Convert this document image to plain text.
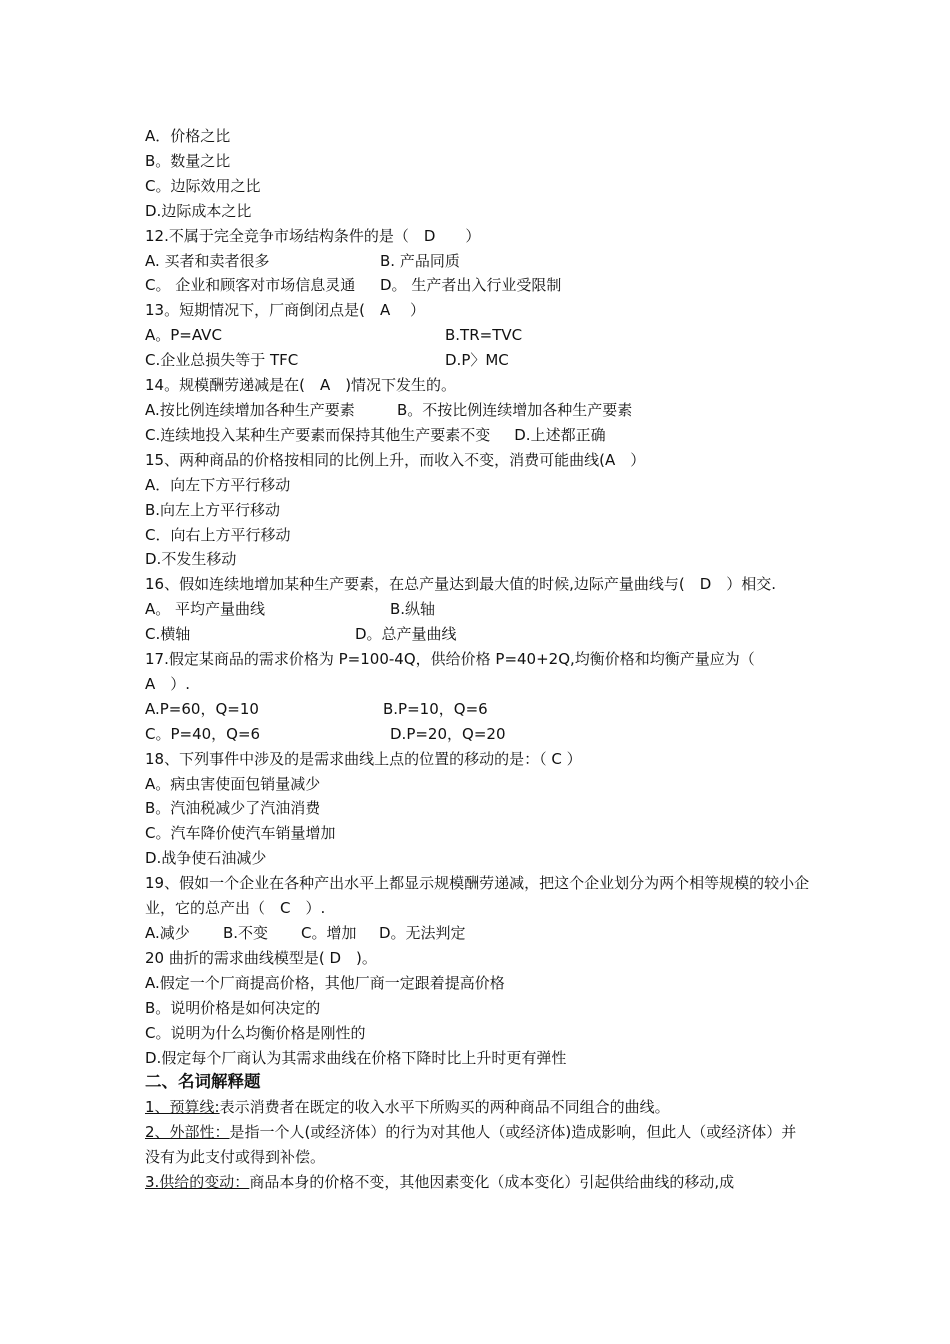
A．价格之比
B。数量之比
C。边际效用之比
D.边际成本之比
12.不属于完全竞争市场结构条件的是（　D　　）
A. 买者和卖者很多	B. 产品同质
C。 企业和顾客对市场信息灵通 D。 生产者出入行业受限制
13。短期情况下，厂商倒闭点是(　A　 ）
A。P=AVC	B.TR=TVC
C.企业总损失等于 TFC	D.P〉MC
14。规模酬劳递减是在(　A　)情况下发生的。
A.按比例连续增加各种生产要素	B。不按比例连续增加各种生产要素
C.连续地投入某种生产要素而保持其他生产要素不变 D.上述都正确
15、两种商品的价格按相同的比例上升，而收入不变，消费可能曲线(A　）
A．向左下方平行移动
B.向左上方平行移动
C．向右上方平行移动
D.不发生移动
16、假如连续地增加某种生产要素，在总产量达到最大值的时候,边际产量曲线与(　D　）相交.
A。 平均产量曲线	B.纵轴
C.横轴	D。总产量曲线
17.假定某商品的需求价格为 P=100-4Q，供给价格 P=40+2Q,均衡价格和均衡产量应为（　A　）.
A.P=60，Q=10	B.P=10，Q=6
C。P=40，Q=6	D.P=20，Q=20
18、下列事件中涉及的是需求曲线上点的位置的移动的是：（ C ）
A。病虫害使面包销量减少
B。汽油税减少了汽油消费
C。汽车降价使汽车销量增加
D.战争使石油减少
19、假如一个企业在各种产出水平上都显示规模酬劳递减，把这个企业划分为两个相等规模的较小企业，它的总产出（　C　）.
A.减少 B.不变 C。增加 D。无法判定
20 曲折的需求曲线模型是( D　)。
A.假定一个厂商提高价格，其他厂商一定跟着提高价格
B。说明价格是如何决定的
C。说明为什么均衡价格是刚性的
D.假定每个厂商认为其需求曲线在价格下降时比上升时更有弹性
二、名词解释题
1、预算线:表示消费者在既定的收入水平下所购买的两种商品不同组合的曲线。
2、外部性：是指一个人(或经济体）的行为对其他人（或经济体)造成影响，但此人（或经济体）并没有为此支付或得到补偿。
3.供给的变动：商品本身的价格不变，其他因素变化（成本变化）引起供给曲线的移动,成
